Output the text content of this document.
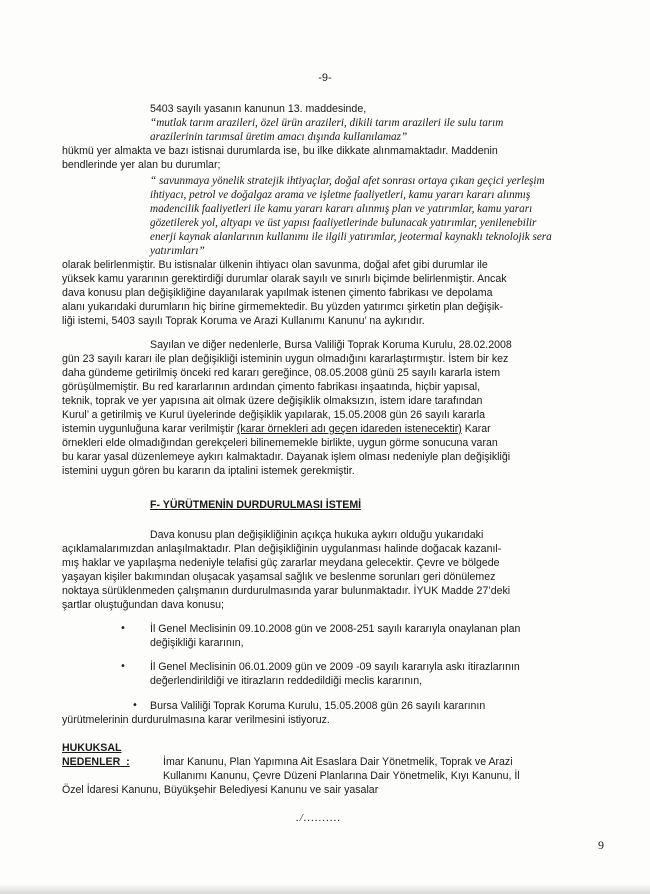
-9-
5403 sayılı yasanın kanunun 13. maddesinde,
“mutlak tarım arazileri, özel ürün arazileri, dikili tarım arazileri ile sulu tarım
arazilerinin tarımsal üretim amacı dışında kullanılamaz”
hükmü yer almakta ve bazı istisnai durumlarda ise, bu ilke dikkate alınmamaktadır. Maddenin
bendlerinde yer alan bu durumlar;
“ savunmaya yönelik stratejik ihtiyaçlar, doğal afet sonrası ortaya çıkan geçici yerleşim
ihtiyacı, petrol ve doğalgaz arama ve işletme faaliyetleri, kamu yararı kararı alınmış
madencilik faaliyetleri ile kamu yararı kararı alınmış plan ve yatırımlar, kamu yararı
gözetilerek yol, altyapı ve üst yapısı faaliyetlerinde bulunacak yatırımlar, yenilenebilir
enerji kaynak alanlarının kullanımı ile ilgili yatırımlar, jeotermal kaynaklı teknolojik sera
yatırımları”
olarak belirlenmiştir. Bu istisnalar ülkenin ihtiyacı olan savunma, doğal afet gibi durumlar ile
yüksek kamu yararının gerektirdiği durumlar olarak sayılı ve sınırlı biçimde belirlenmiştir. Ancak
dava konusu plan değişikliğine dayanılarak yapılmak istenen çimento fabrikası ve depolama
alanı yukarıdaki durumların hiç birine girmemektedir. Bu yüzden yatırımcı şirketin plan değişik-
liği istemi, 5403 sayılı Toprak Koruma ve Arazi Kullanımı Kanunu’ na aykırıdır.
Sayılan ve diğer nedenlerle, Bursa Valiliği Toprak Koruma Kurulu, 28.02.2008
gün 23 sayılı kararı ile plan değişikliği isteminin uygun olmadığını kararlaştırmıştır. İstem bir kez
daha gündeme getirilmiş önceki red kararı gereğince, 08.05.2008 günü 25 sayılı kararla istem
görüşülmemiştir. Bu red kararlarının ardından çimento fabrikası inşaatında, hiçbir yapısal,
teknik, toprak ve yer yapısına ait olmak üzere değişiklik olmaksızın, istem idare tarafından
Kurul’ a getirilmiş ve Kurul üyelerinde değişiklik yapılarak, 15.05.2008 gün 26 sayılı kararla
istemin uygunluğuna karar verilmiştir (karar örnekleri adı geçen idareden istenecektir) Karar
örnekleri elde olmadığından gerekçeleri bilinememekle birlikte, uygun görme sonucuna varan
bu karar yasal düzenlemeye aykırı kalmaktadır. Dayanak işlem olması nedeniyle plan değişikliği
istemini uygun gören bu kararın da iptalini istemek gerekmiştir.
F- YÜRÜTMENİN DURDURULMASI İSTEMİ
Dava konusu plan değişikliğinin açıkça hukuka aykırı olduğu yukarıdaki
açıklamalarımızdan anlaşılmaktadır. Plan değişikliğinin uygulanması halinde doğacak kazanıl-
mış haklar ve yapılaşma nedeniyle telafisi güç zararlar meydana gelecektir. Çevre ve bölgede
yaşayan kişiler bakımından oluşacak yaşamsal sağlık ve beslenme sorunları geri dönülemez
noktaya sürüklenmeden çalışmanın durdurulmasında yarar bulunmaktadır. İYUK Madde 27’deki
şartlar oluştuğundan dava konusu;
• İl Genel Meclisinin 09.10.2008 gün ve 2008-251 sayılı kararıyla onaylanan plan
değişikliği kararının,
• İl Genel Meclisinin 06.01.2009 gün ve 2009 -09 sayılı kararıyla askı itirazlarının
değerlendirildiği ve itirazların reddedildiği meclis kararının,
• Bursa Valiliği Toprak Koruma Kurulu, 15.05.2008 gün 26 sayılı kararının
yürütmelerinin durdurulmasına karar verilmesini istiyoruz.
HUKUKSAL
NEDENLER  :	İmar Kanunu, Plan Yapımına Ait Esaslara Dair Yönetmelik, Toprak ve Arazi
Kullanımı Kanunu, Çevre Düzeni Planlarına Dair Yönetmelik, Kıyı Kanunu, İl
Özel İdaresi Kanunu, Büyükşehir Belediyesi Kanunu ve sair yasalar
./..........
9
